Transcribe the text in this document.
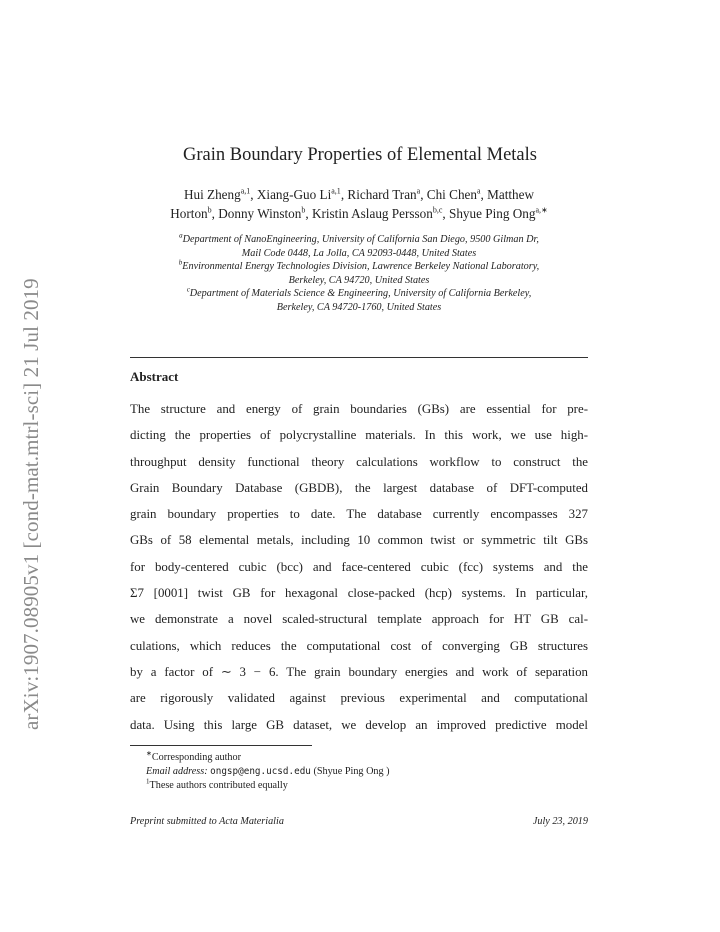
arXiv:1907.08905v1 [cond-mat.mtrl-sci] 21 Jul 2019
Grain Boundary Properties of Elemental Metals
Hui Zheng$^{a,1}$, Xiang-Guo Li$^{a,1}$, Richard Tran$^a$, Chi Chen$^a$, Matthew
Horton$^b$, Donny Winston$^b$, Kristin Aslaug Persson$^{b,c}$, Shyue Ping Ong$^{a,∗}$
$^a$Department of NanoEngineering, University of California San Diego, 9500 Gilman Dr,
Mail Code 0448, La Jolla, CA 92093-0448, United States
$^b$Environmental Energy Technologies Division, Lawrence Berkeley National Laboratory,
Berkeley, CA 94720, United States
$^c$Department of Materials Science & Engineering, University of California Berkeley,
Berkeley, CA 94720-1760, United States
Abstract
The structure and energy of grain boundaries (GBs) are essential for pre-
dicting the properties of polycrystalline materials. In this work, we use high-
throughput density functional theory calculations workflow to construct the
Grain Boundary Database (GBDB), the largest database of DFT-computed
grain boundary properties to date. The database currently encompasses 327
GBs of 58 elemental metals, including 10 common twist or symmetric tilt GBs
for body-centered cubic (bcc) and face-centered cubic (fcc) systems and the
Σ7 [0001] twist GB for hexagonal close-packed (hcp) systems. In particular,
we demonstrate a novel scaled-structural template approach for HT GB cal-
culations, which reduces the computational cost of converging GB structures
by a factor of ∼ 3 − 6. The grain boundary energies and work of separation
are rigorously validated against previous experimental and computational
data. Using this large GB dataset, we develop an improved predictive model
∗Corresponding author
Email address: ongsp@eng.ucsd.edu (Shyue Ping Ong )
$^1$These authors contributed equally
Preprint submitted to Acta Materialia	July 23, 2019
